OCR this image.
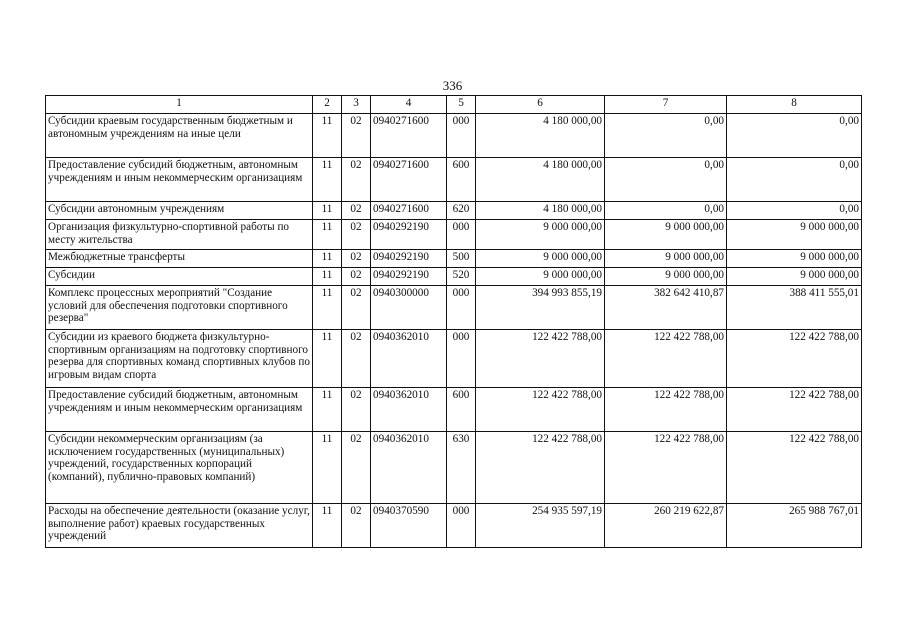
336
1	2	3	4	5	6	7	8
Субсидии краевым государственным бюджетным и автономным учреждениям на иные цели	11	02	0940271600	000	4 180 000,00	0,00	0,00
Предоставление субсидий бюджетным, автономным учреждениям и иным некоммерческим организациям	11	02	0940271600	600	4 180 000,00	0,00	0,00
Субсидии автономным учреждениям	11	02	0940271600	620	4 180 000,00	0,00	0,00
Организация физкультурно-спортивной работы по месту жительства	11	02	0940292190	000	9 000 000,00	9 000 000,00	9 000 000,00
Межбюджетные трансферты	11	02	0940292190	500	9 000 000,00	9 000 000,00	9 000 000,00
Субсидии	11	02	0940292190	520	9 000 000,00	9 000 000,00	9 000 000,00
Комплекс процессных мероприятий "Создание условий для обеспечения подготовки спортивного резерва"	11	02	0940300000	000	394 993 855,19	382 642 410,87	388 411 555,01
Субсидии из краевого бюджета физкультурно-спортивным организациям на подготовку спортивного резерва для спортивных команд спортивных клубов по игровым видам спорта	11	02	0940362010	000	122 422 788,00	122 422 788,00	122 422 788,00
Предоставление субсидий бюджетным, автономным учреждениям и иным некоммерческим организациям	11	02	0940362010	600	122 422 788,00	122 422 788,00	122 422 788,00
Субсидии некоммерческим организациям (за исключением государственных (муниципальных) учреждений, государственных корпораций (компаний), публично-правовых компаний)	11	02	0940362010	630	122 422 788,00	122 422 788,00	122 422 788,00
Расходы на обеспечение деятельности (оказание услуг, выполнение работ) краевых государственных учреждений	11	02	0940370590	000	254 935 597,19	260 219 622,87	265 988 767,01
